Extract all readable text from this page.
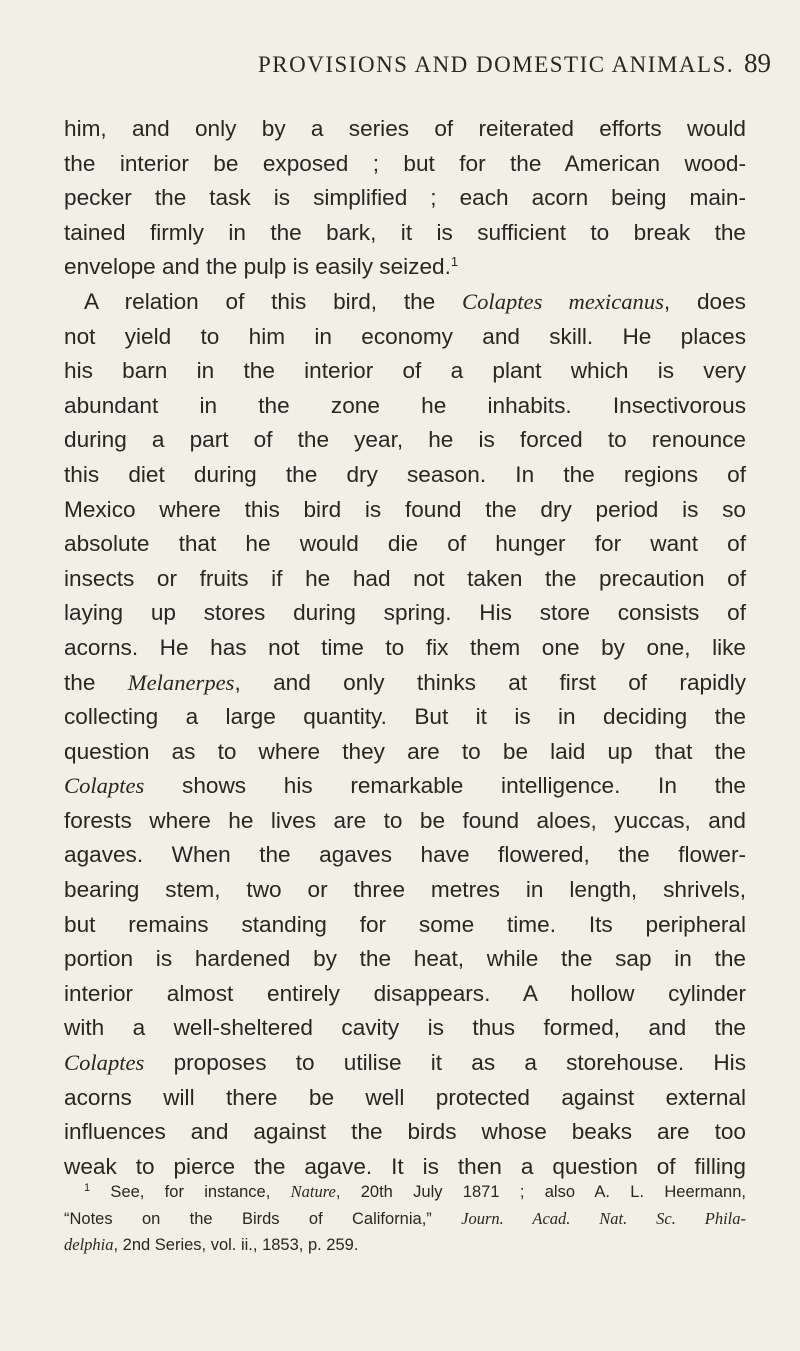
PROVISIONS AND DOMESTIC ANIMALS. 89
him, and only by a series of reiterated efforts would
the interior be exposed ; but for the American wood-
pecker the task is simplified ; each acorn being main-
tained firmly in the bark, it is sufficient to break the
envelope and the pulp is easily seized.$^1$
A relation of this bird, the Colaptes mexicanus, does
not yield to him in economy and skill. He places
his barn in the interior of a plant which is very
abundant in the zone he inhabits. Insectivorous
during a part of the year, he is forced to renounce
this diet during the dry season. In the regions of
Mexico where this bird is found the dry period is so
absolute that he would die of hunger for want of
insects or fruits if he had not taken the precaution of
laying up stores during spring. His store consists of
acorns. He has not time to fix them one by one, like
the Melanerpes, and only thinks at first of rapidly
collecting a large quantity. But it is in deciding the
question as to where they are to be laid up that the
Colaptes shows his remarkable intelligence. In the
forests where he lives are to be found aloes, yuccas, and
agaves. When the agaves have flowered, the flower-
bearing stem, two or three metres in length, shrivels,
but remains standing for some time. Its peripheral
portion is hardened by the heat, while the sap in the
interior almost entirely disappears. A hollow cylinder
with a well-sheltered cavity is thus formed, and the
Colaptes proposes to utilise it as a storehouse. His
acorns will there be well protected against external
influences and against the birds whose beaks are too
weak to pierce the agave. It is then a question of filling
$^1$ See, for instance, Nature, 20th July 1871 ; also A. L. Heermann,
“Notes on the Birds of California,” Journ. Acad. Nat. Sc. Phila-
delphia, 2nd Series, vol. ii., 1853, p. 259.
